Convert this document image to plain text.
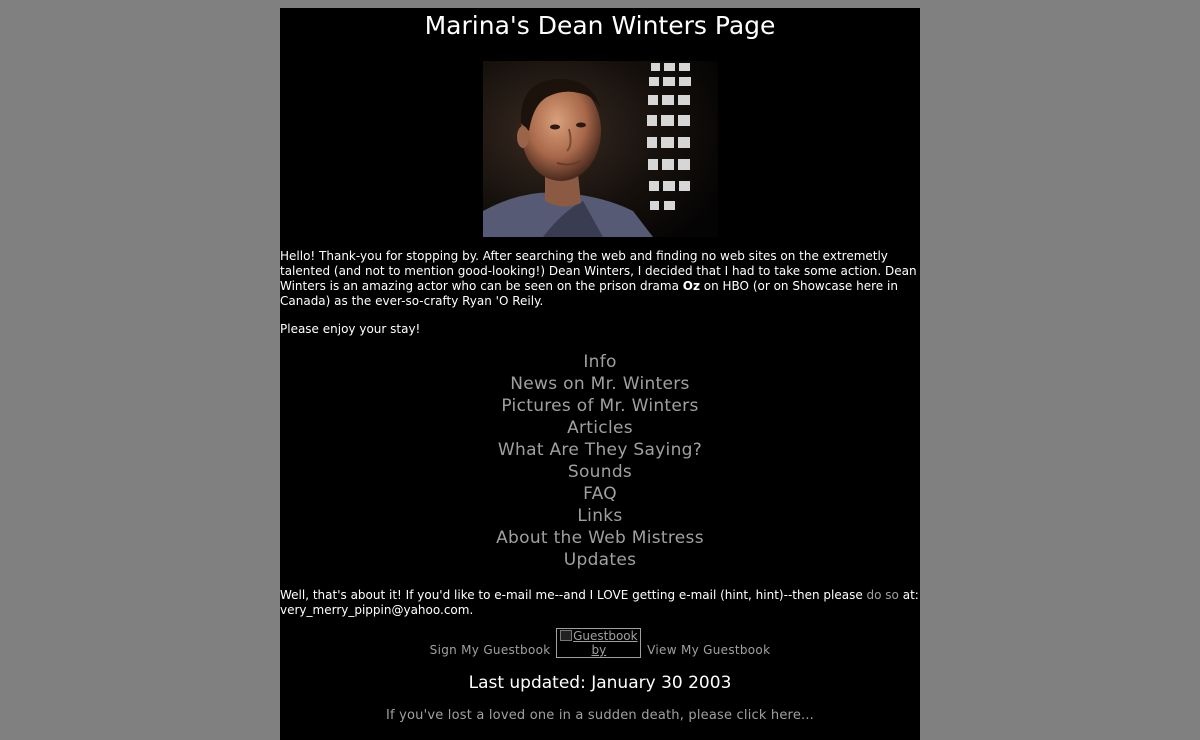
Marina's Dean Winters Page

Hello! Thank-you for stopping by. After searching the web and finding no web sites on the extremetly talented (and not to mention good-looking!) Dean Winters, I decided that I had to take some action. Dean Winters is an amazing actor who can be seen on the prison drama Oz on HBO (or on Showcase here in Canada) as the ever-so-crafty Ryan 'O Reily.

Please enjoy your stay!
Info
News on Mr. Winters
Pictures of Mr. Winters
Articles
What Are They Saying?
Sounds
FAQ
Links
About the Web Mistress
Updates
Well, that's about it! If you'd like to e-mail me--and I LOVE getting e-mail (hint, hint)--then please do so at: very_merry_pippin@yahoo.com.
Sign My Guestbook Guestbook by	View My Guestbook
Last updated: January 30 2003
If you've lost a loved one in a sudden death, please click here...
